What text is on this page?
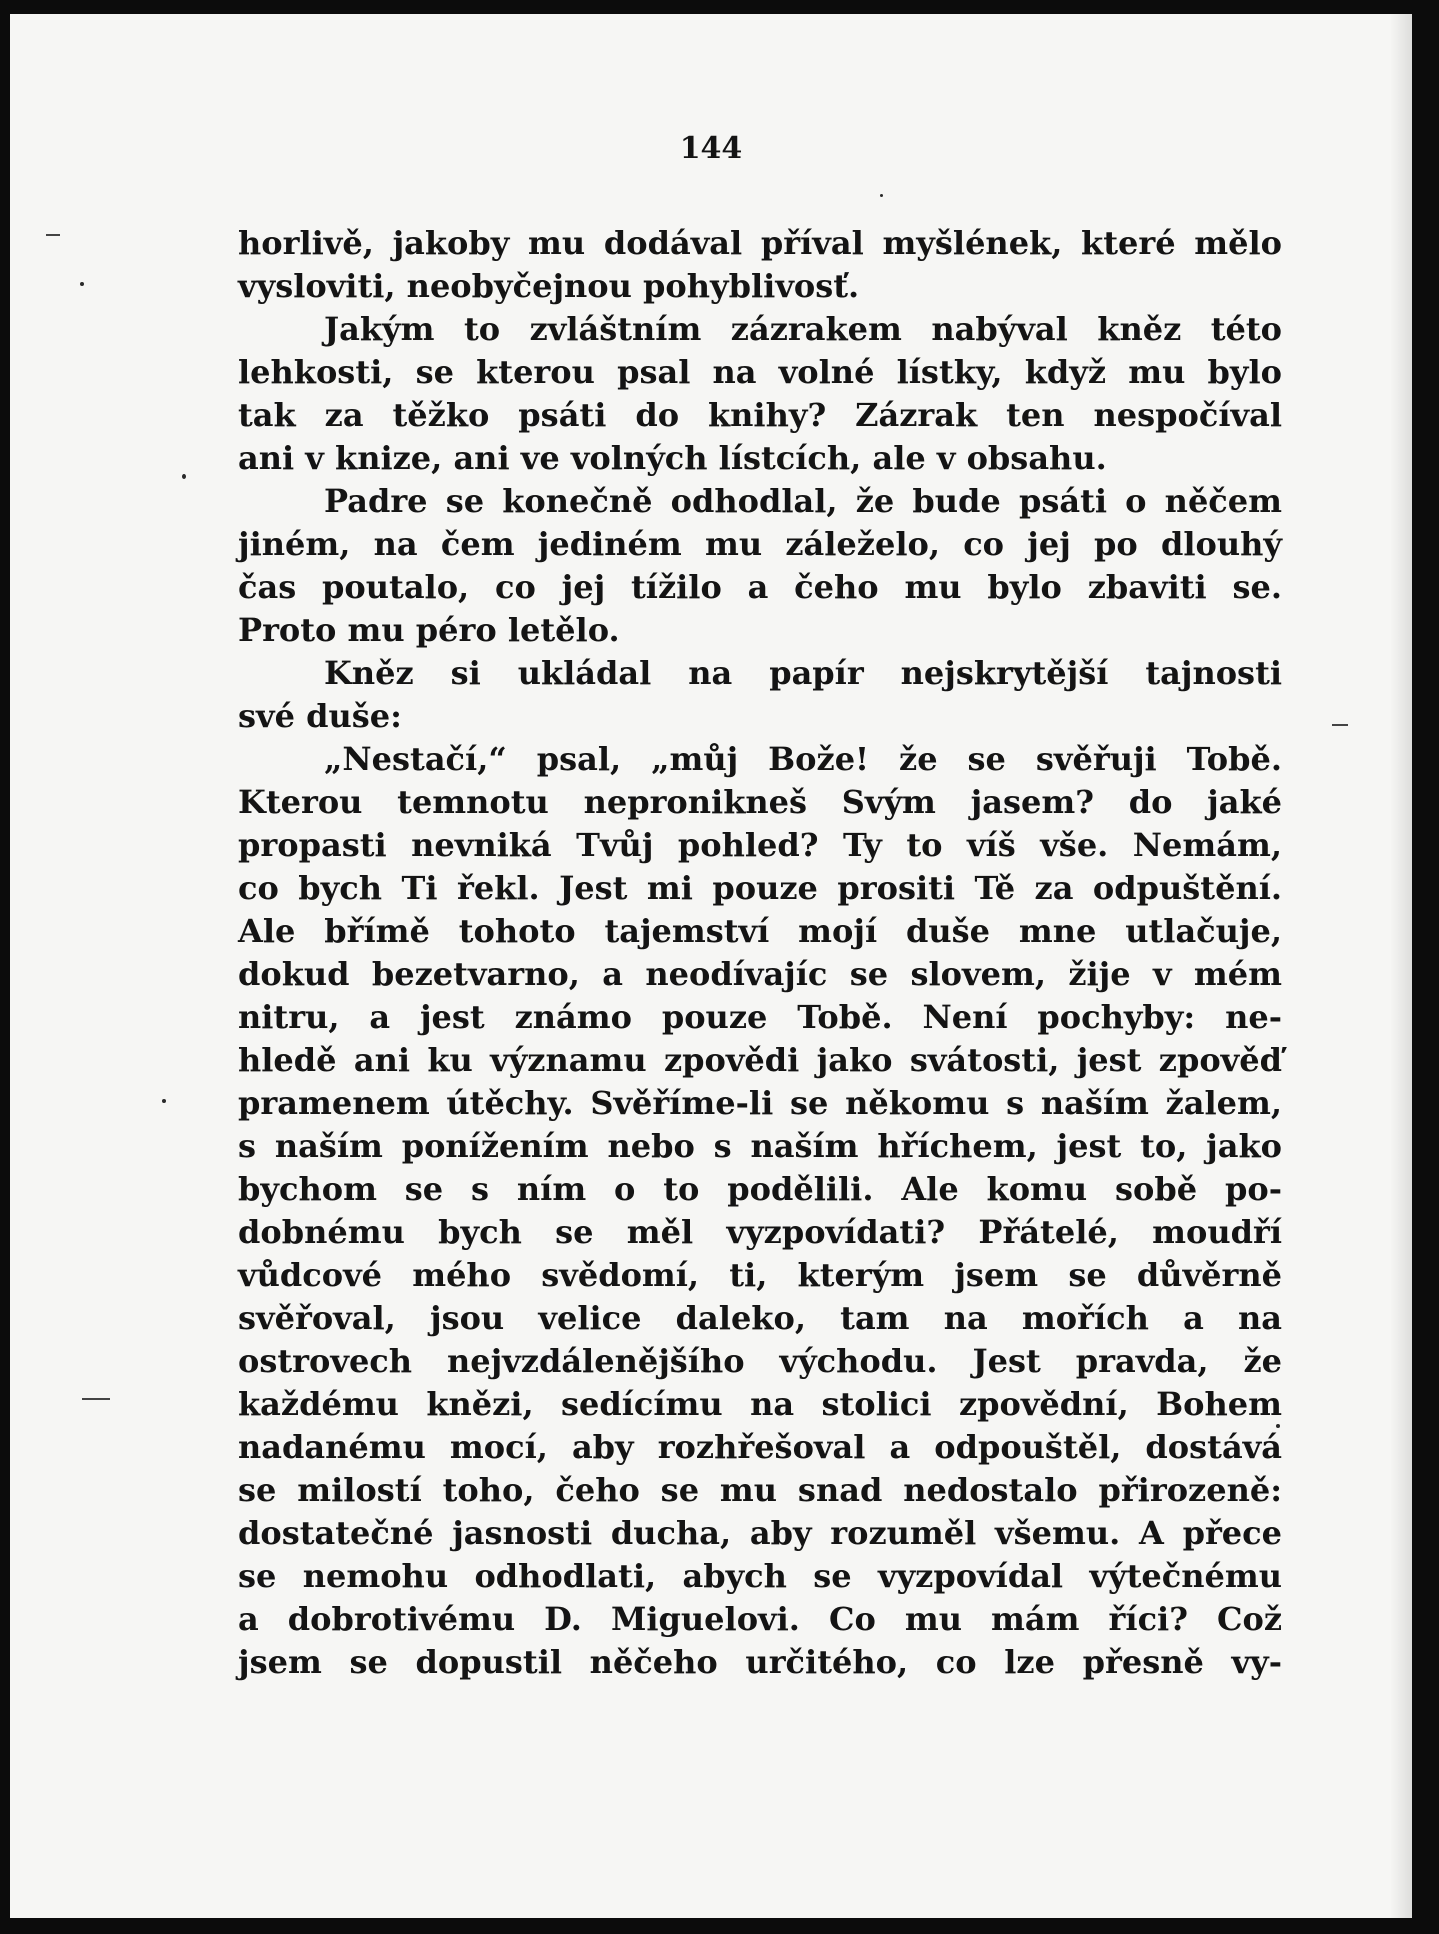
144

horlivě, jakoby mu dodával příval myšlének, které mělo
vysloviti, neobyčejnou pohyblivosť.
Jakým to zvláštním zázrakem nabýval kněz této
lehkosti, se kterou psal na volné lístky, když mu bylo
tak za těžko psáti do knihy? Zázrak ten nespočíval
ani v knize, ani ve volných lístcích, ale v obsahu.
Padre se konečně odhodlal, že bude psáti o něčem
jiném, na čem jediném mu záleželo, co jej po dlouhý
čas poutalo, co jej tížilo a čeho mu bylo zbaviti se.
Proto mu péro letělo.
Kněz si ukládal na papír nejskrytější tajnosti
své duše:
„Nestačí,“ psal, „můj Bože! že se svěřuji Tobě.
Kterou temnotu nepronikneš Svým jasem? do jaké
propasti nevniká Tvůj pohled? Ty to víš vše. Nemám,
co bych Ti řekl. Jest mi pouze prositi Tě za odpuštění.
Ale břímě tohoto tajemství mojí duše mne utlačuje,
dokud bezetvarno, a neodívajíc se slovem, žije v mém
nitru, a jest známo pouze Tobě. Není pochyby: ne-
hledě ani ku významu zpovědi jako svátosti, jest zpověď
pramenem útěchy. Svěříme-li se někomu s naším žalem,
s naším ponížením nebo s naším hříchem, jest to, jako
bychom se s ním o to podělili. Ale komu sobě po-
dobnému bych se měl vyzpovídati? Přátelé, moudří
vůdcové mého svědomí, ti, kterým jsem se důvěrně
svěřoval, jsou velice daleko, tam na mořích a na
ostrovech nejvzdálenějšího východu. Jest pravda, že
každému knězi, sedícímu na stolici zpovědní, Bohem
nadanému mocí, aby rozhřešoval a odpouštěl, dostává
se milostí toho, čeho se mu snad nedostalo přirozeně:
dostatečné jasnosti ducha, aby rozuměl všemu. A přece
se nemohu odhodlati, abych se vyzpovídal výtečnému
a dobrotivému D. Miguelovi. Co mu mám říci? Což
jsem se dopustil něčeho určitého, co lze přesně vy-
